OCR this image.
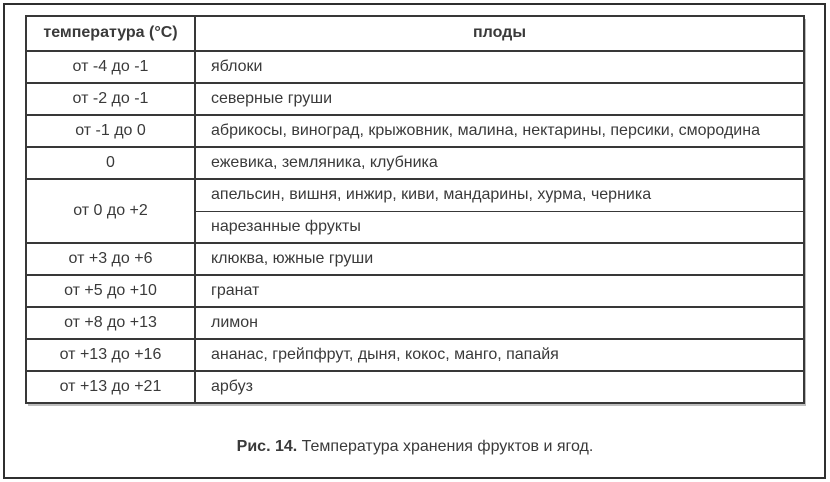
температура (°C)	плоды
от -4 до -1	яблоки
от -2 до -1	северные груши
от -1 до 0	абрикосы, виноград, крыжовник, малина, нектарины, персики, смородина
0	ежевика, земляника, клубника
от 0 до +2	апельсин, вишня, инжир, киви, мандарины, хурма, черника
	нарезанные фрукты
от +3 до +6	клюква, южные груши
от +5 до +10	гранат
от +8 до +13	лимон
от +13 до +16	ананас, грейпфрут, дыня, кокос, манго, папайя
от +13 до +21	арбуз
Рис. 14. Температура хранения фруктов и ягод.
